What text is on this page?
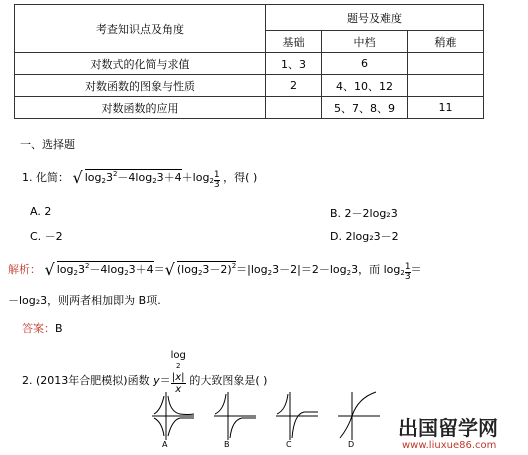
考查知识点及角度	题号及难度		
	基础	中档	稍难
对数式的化简与求值	1、3	6	
对数函数的图象与性质	2	4、10、12	
对数函数的应用		5、7、8、9	11
一、选择题
1. 化简： √ $\log_23^2-4\log_23+4+\log_2 \frac{1}{3}$ ，得( )
A. 2	B. 2－2log₂3
C. －2	D. 2log₂3－2
解析： √ $\log_23^2-4\log_23+4=√$ $(\log_23-2)^2=|\log_23-2|=2-\log_23$，而 $\log_2 \frac{1}{3}$ ＝
－log₂3，则两者相加即为 B项.
答案：B
2. (2013年合肥模拟)函数 y＝ log
2
|x|
x 的大致图象是( )
A	B	C	D
出国留学网
www.liuxue86.com
